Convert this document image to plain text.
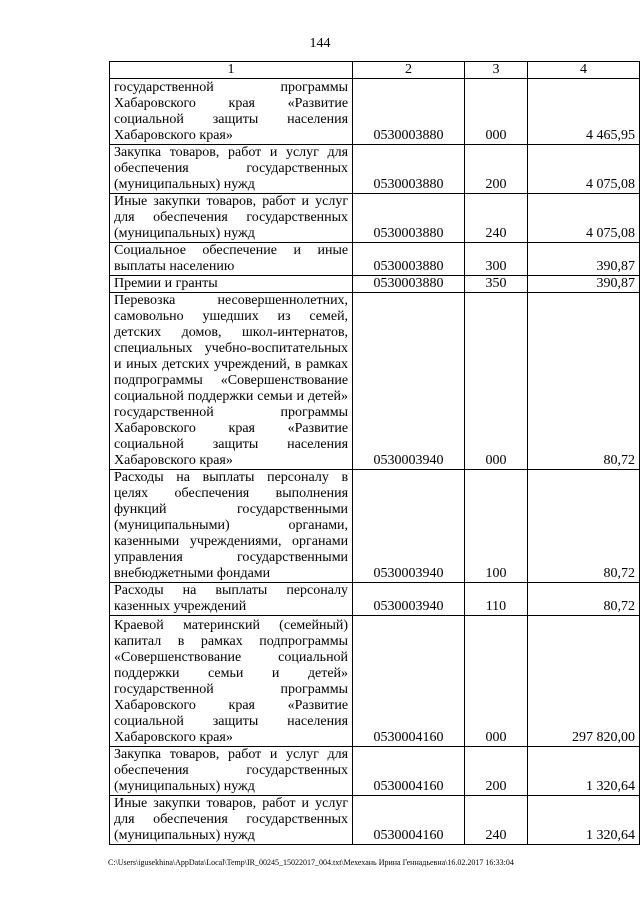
144
1	2	3	4
государственной программы Хабаровского края «Развитие социальной защиты населения Хабаровского края»	0530003880	000	4 465,95
Закупка товаров, работ и услуг для обеспечения государственных (муниципальных) нужд	0530003880	200	4 075,08
Иные закупки товаров, работ и услуг для обеспечения государственных (муниципальных) нужд	0530003880	240	4 075,08
Социальное обеспечение и иные выплаты населению	0530003880	300	390,87
Премии и гранты	0530003880	350	390,87
Перевозка несовершеннолетних, самовольно ушедших из семей, детских домов, школ-интернатов, специальных учебно-воспитательных и иных детских учреждений, в рамках подпрограммы «Совершенствование социальной поддержки семьи и детей» государственной программы Хабаровского края «Развитие социальной защиты населения Хабаровского края»	0530003940	000	80,72
Расходы на выплаты персоналу в целях обеспечения выполнения функций государственными (муниципальными) органами, казенными учреждениями, органами управления государственными внебюджетными фондами	0530003940	100	80,72
Расходы на выплаты персоналу казенных учреждений	0530003940	110	80,72
Краевой материнский (семейный) капитал в рамках подпрограммы «Совершенствование социальной поддержки семьи и детей» государственной программы Хабаровского края «Развитие социальной защиты населения Хабаровского края»	0530004160	000	297 820,00
Закупка товаров, работ и услуг для обеспечения государственных (муниципальных) нужд	0530004160	200	1 320,64
Иные закупки товаров, работ и услуг для обеспечения государственных (муниципальных) нужд	0530004160	240	1 320,64
C:\Users\igusekhina\AppData\Local\Temp\IR_00245_15022017_004.txt\Мехехань Ирина Геннадьевна\16.02.2017 16:33:04
